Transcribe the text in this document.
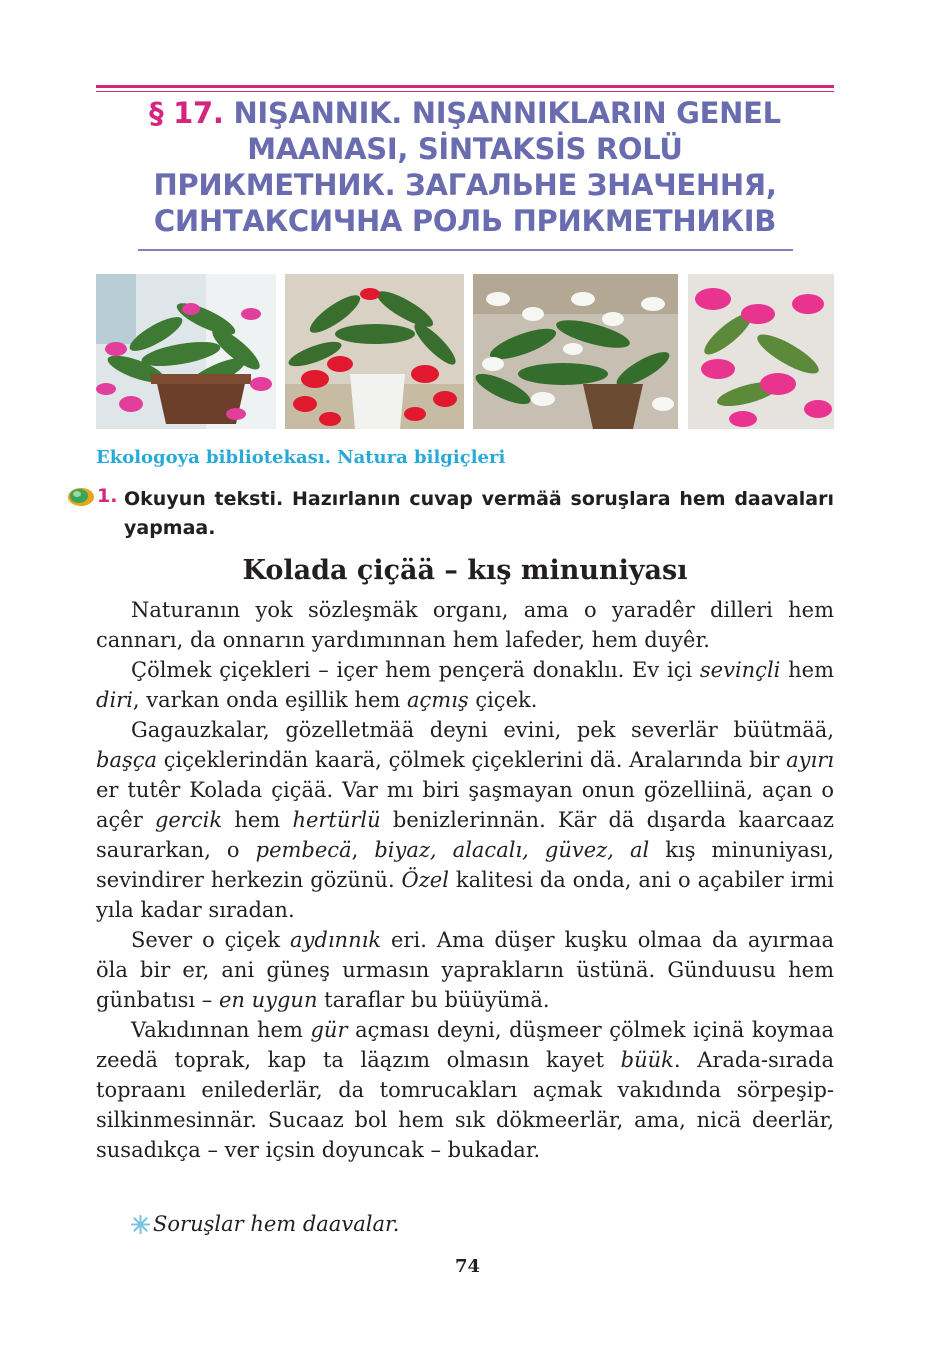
§ 17. NIŞANNIK. NIŞANNIKLARIN GENEL
MAANASI, SİNTAKSİS ROLÜ
ПРИКМЕТНИК. ЗАГАЛЬНЕ ЗНАЧЕННЯ,
СИНТАКСИЧНА РОЛЬ ПРИКМЕТНИКІВ

Ekologoya bibliotekası. Natura bilgiçleri

1. Okuyun teksti. Hazırlanın cuvap vermää soruşlara hem daavaları yapmaa.

Kolada çiçää – kış minuniyası

Naturanın yok sözleşmäk organı, ama o yaradêr dilleri hem cannarı, da onnarın yardımınnan hem lafeder, hem duyêr.

Çölmek çiçekleri – içer hem pençerä donaklıı. Ev içi sevinçli hem diri, varkan onda eşillik hem açmış çiçek.

Gagauzkalar, gözelletmää deyni evini, pek severlär büütmää, başça çiçeklerindän kaarä, çölmek çiçeklerini dä. Aralarında bir ayırı er tutêr Kolada çiçää. Var mı biri şaşmayan onun gözelliinä, açan o açêr gercik hem hertürlü benizlerinnän. Kär dä dışarda kaarcaaz saurarkan, o pembecä, biyaz, alacalı, güvez, al kış minuniyası, sevindirer herkezin gözünü. Özel kalitesi da onda, ani o açabiler irmi yıla kadar sıradan.

Sever o çiçek aydınnık eri. Ama düşer kuşku olmaa da ayırmaa öla bir er, ani güneş urmasın yaprakların üstünä. Günduusu hem günbatısı – en uygun taraflar bu büüyümä.

Vakıdınnan hem gür açması deyni, düşmeer çölmek içinä koymaa zeedä toprak, kap ta läązım olmasın kayet büük. Arada-sırada topraanı enilederlär, da tomrucakları açmak vakıdında sörpeşip-silkinmesinnär. Sucaaz bol hem sık dökmeerlär, ama, nicä deerlär, susadıkça – ver içsin doyuncak – bukadar.

Soruşlar hem daavalar.

74
